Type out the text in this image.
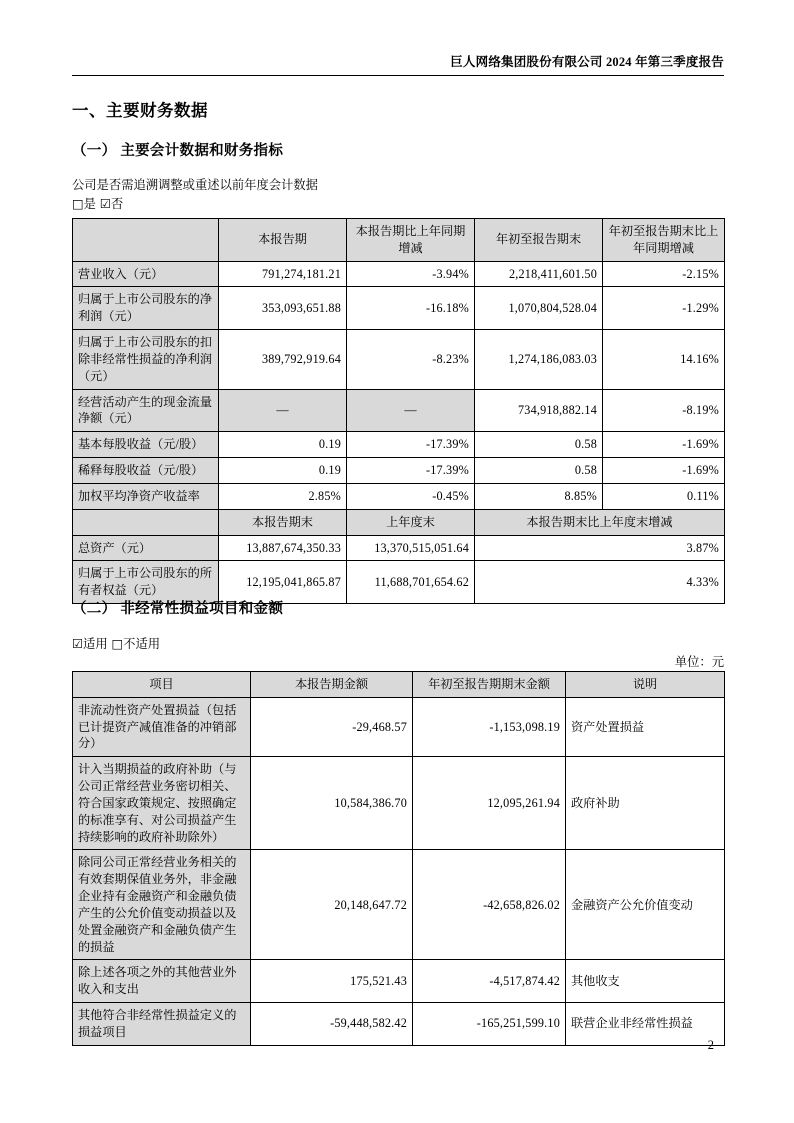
巨人网络集团股份有限公司 2024 年第三季度报告
一、主要财务数据
（一） 主要会计数据和财务指标
公司是否需追溯调整或重述以前年度会计数据
□是 ☑否
	本报告期	本报告期比上年同期增减	年初至报告期末	年初至报告期末比上年同期增减
营业收入（元）	791,274,181.21	-3.94%	2,218,411,601.50	-2.15%
归属于上市公司股东的净利润（元）	353,093,651.88	-16.18%	1,070,804,528.04	-1.29%
归属于上市公司股东的扣除非经常性损益的净利润（元）	389,792,919.64	-8.23%	1,274,186,083.03	14.16%
经营活动产生的现金流量净额（元）	—	—	734,918,882.14	-8.19%
基本每股收益（元/股）	0.19	-17.39%	0.58	-1.69%
稀释每股收益（元/股）	0.19	-17.39%	0.58	-1.69%
加权平均净资产收益率	2.85%	-0.45%	8.85%	0.11%
	本报告期末	上年度末	本报告期末比上年度末增减	
总资产（元）	13,887,674,350.33	13,370,515,051.64	3.87%	
归属于上市公司股东的所有者权益（元）	12,195,041,865.87	11,688,701,654.62	4.33%	
（二） 非经常性损益项目和金额
☑适用 □不适用
单位：元
项目	本报告期金额	年初至报告期期末金额	说明
非流动性资产处置损益（包括已计提资产减值准备的冲销部分）	-29,468.57	-1,153,098.19	资产处置损益
计入当期损益的政府补助（与公司正常经营业务密切相关、符合国家政策规定、按照确定的标准享有、对公司损益产生持续影响的政府补助除外）	10,584,386.70	12,095,261.94	政府补助
除同公司正常经营业务相关的有效套期保值业务外，非金融企业持有金融资产和金融负债产生的公允价值变动损益以及处置金融资产和金融负债产生的损益	20,148,647.72	-42,658,826.02	金融资产公允价值变动
除上述各项之外的其他营业外收入和支出	175,521.43	-4,517,874.42	其他收支
其他符合非经常性损益定义的损益项目	-59,448,582.42	-165,251,599.10	联营企业非经常性损益
2
